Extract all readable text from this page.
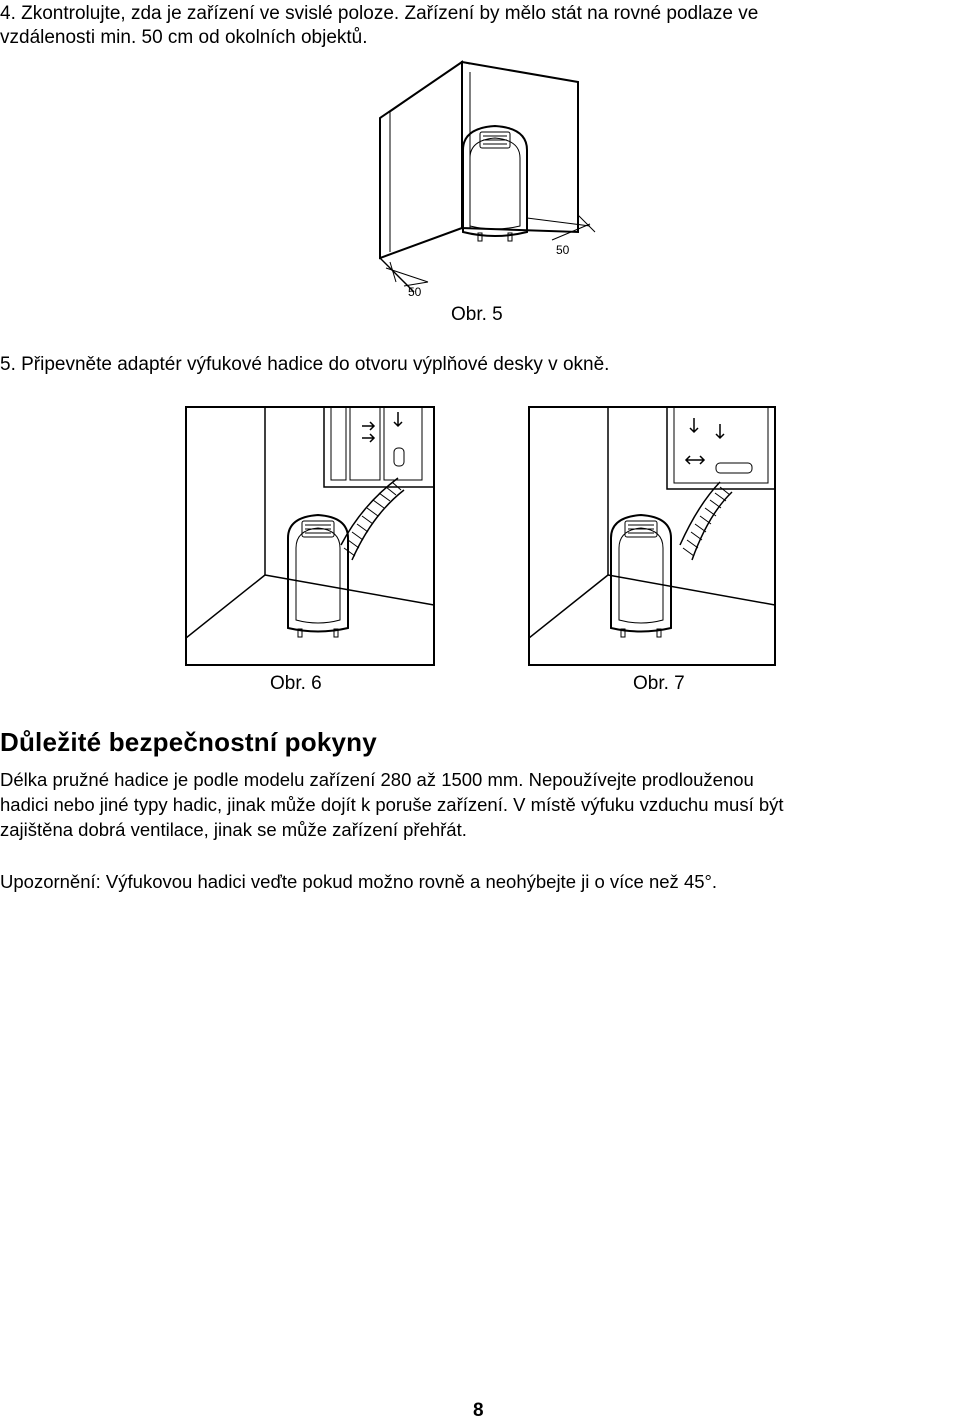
4. Zkontrolujte, zda je zařízení ve svislé poloze. Zařízení by mělo stát na rovné podlaze ve
vzdálenosti min. 50 cm od okolních objektů.
50
50
Obr. 5
5. Připevněte adaptér výfukové hadice do otvoru výplňové desky v okně.
Obr. 6	Obr. 7
Důležité bezpečnostní pokyny
Délka pružné hadice je podle modelu zařízení 280 až 1500 mm. Nepoužívejte prodlouženou
hadici nebo jiné typy hadic, jinak může dojít k poruše zařízení. V místě výfuku vzduchu musí být
zajištěna dobrá ventilace, jinak se může zařízení přehřát.
Upozornění: Výfukovou hadici veďte pokud možno rovně a neohýbejte ji o více než 45°.
8
